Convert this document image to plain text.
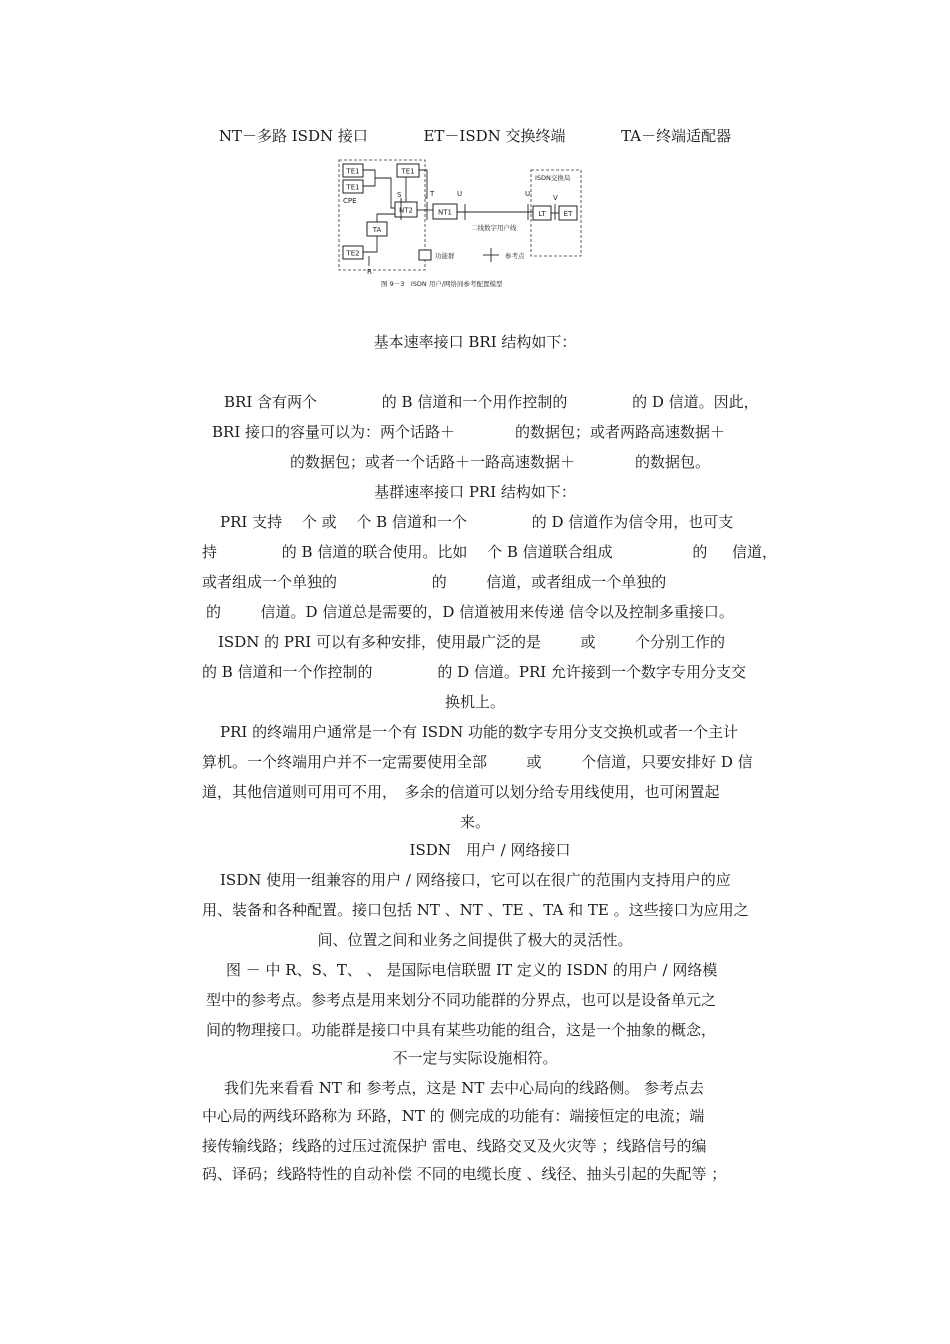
NT－多路 ISDN 接口	ET－ISDN 交换终端	TA－终端适配器
TE1
TE1
CPE
TE1
TE2
TA
NT2	NT1	LT	ET
ISDN交换局
S	T	U	U	V
R
二线数字用户线
功能群	参考点
图 9－3　ISDN 用户/网络间参考配置模型
基本速率接口 BRI 结构如下：
BRI 含有两个 　　　　的 B 信道和一个用作控制的 　　　　的 D 信道。因此，
BRI 接口的容量可以为：两个话路＋　　　　的数据包；或者两路高速数据＋
　　　　的数据包；或者一个话路＋一路高速数据＋　　　　的数据包。
基群速率接口 PRI 结构如下：
PRI 支持 　个 或 　个 B 信道和一个 　　　　的 D 信道作为信令用，也可支
持 　　　　的 B 信道的联合使用。比如 　个 B 信道联合组成 　　　　　的 　 信道，
或者组成一个单独的 　　　　　　的 　　 信道，或者组成一个单独的 　　　　　　
的 　　 信道。D 信道总是需要的，D 信道被用来传递 信令以及控制多重接口。
ISDN 的 PRI 可以有多种安排，使用最广泛的是 　　 或 　　 个分别工作的 　　　　
的 B 信道和一个作控制的 　　　　的 D 信道。PRI 允许接到一个数字专用分支交
换机上。
PRI 的终端用户通常是一个有 ISDN 功能的数字专用分支交换机或者一个主计
算机。一个终端用户并不一定需要使用全部 　　 或 　　 个信道，只要安排好 D 信
道，其他信道则可用可不用，　多余的信道可以划分给专用线使用，也可闲置起
来。
　　ISDN　用户 / 网络接口
ISDN 使用一组兼容的用户 / 网络接口，它可以在很广的范围内支持用户的应
用、装备和各种配置。接口包括 NT 、NT 、TE 、TA 和 TE 。这些接口为应用之
间、位置之间和业务之间提供了极大的灵活性。
图 － 中 R、S、T、 、 是国际电信联盟 IT 定义的 ISDN 的用户 / 网络模
型中的参考点。参考点是用来划分不同功能群的分界点，也可以是设备单元之
间的物理接口。功能群是接口中具有某些功能的组合，这是一个抽象的概念，
不一定与实际设施相符。
我们先来看看 NT 和 参考点，这是 NT 去中心局向的线路侧。 参考点去
中心局的两线环路称为 环路，NT 的 侧完成的功能有：端接恒定的电流；端
接传输线路；线路的过压过流保护 雷电、线路交叉及火灾等 ；线路信号的编
码、译码；线路特性的自动补偿 不同的电缆长度 、线径、抽头引起的失配等 ；
